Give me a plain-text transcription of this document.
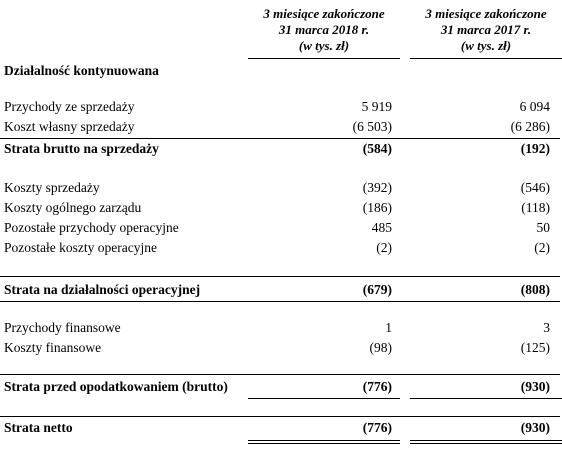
3 miesiące zakończone
31 marca 2018 r.
(w tys. zł)
3 miesiące zakończone
31 marca 2017 r.
(w tys. zł)
Działalność kontynuowana
Przychody ze sprzedaży	5 919	6 094
Koszt własny sprzedaży	(6 503)	(6 286)
Strata brutto na sprzedaży	(584)	(192)
Koszty sprzedaży	(392)	(546)
Koszty ogólnego zarządu	(186)	(118)
Pozostałe przychody operacyjne	485	50
Pozostałe koszty operacyjne	(2)	(2)
Strata na działalności operacyjnej	(679)	(808)
Przychody finansowe	1	3
Koszty finansowe	(98)	(125)
Strata przed opodatkowaniem (brutto)	(776)	(930)
Strata netto	(776)	(930)
